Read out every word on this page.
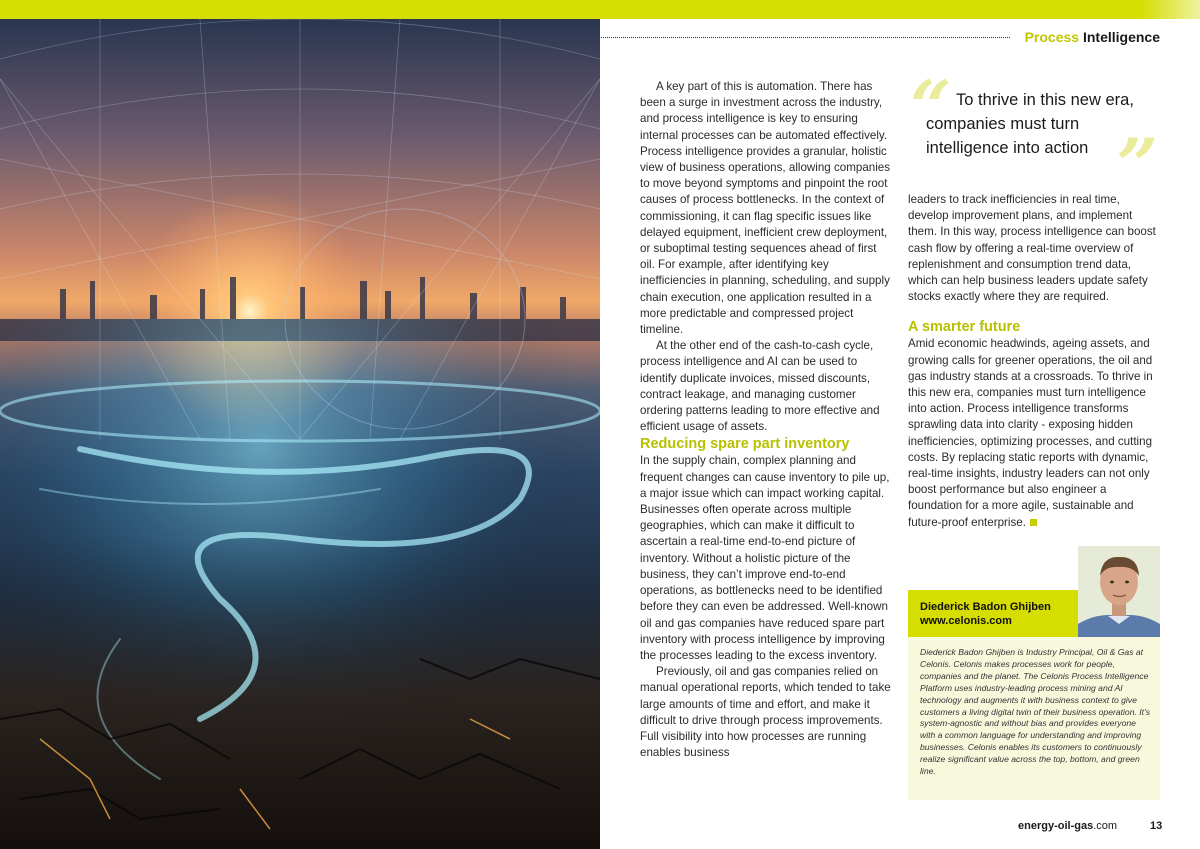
Process Intelligence

A key part of this is automation. There has been a surge in investment across the industry, and process intelligence is key to ensuring internal processes can be automated effectively. Process intelligence provides a granular, holistic view of business operations, allowing companies to move beyond symptoms and pinpoint the root causes of process bottlenecks. In the context of commissioning, it can flag specific issues like delayed equipment, inefficient crew deployment, or suboptimal testing sequences ahead of first oil. For example, after identifying key inefficiencies in planning, scheduling, and supply chain execution, one application resulted in a more predictable and compressed project timeline.

At the other end of the cash-to-cash cycle, process intelligence and AI can be used to identify duplicate invoices, missed discounts, contract leakage, and managing customer ordering patterns leading to more effective and efficient usage of assets.

Reducing spare part inventory

In the supply chain, complex planning and frequent changes can cause inventory to pile up, a major issue which can impact working capital. Businesses often operate across multiple geographies, which can make it difficult to ascertain a real-time end-to-end picture of inventory. Without a holistic picture of the business, they can’t improve end-to-end operations, as bottlenecks need to be identified before they can even be addressed. Well-known oil and gas companies have reduced spare part inventory with process intelligence by improving the processes leading to the excess inventory.

Previously, oil and gas companies relied on manual operational reports, which tended to take large amounts of time and effort, and make it difficult to drive through process improvements. Full visibility into how processes are running enables business

“
”
To thrive in this new era, companies must turn intelligence into action

leaders to track inefficiencies in real time, develop improvement plans, and implement them. In this way, process intelligence can boost cash flow by offering a real-time overview of replenishment and consumption trend data, which can help business leaders update safety stocks exactly where they are required.

A smarter future

Amid economic headwinds, ageing assets, and growing calls for greener operations, the oil and gas industry stands at a crossroads. To thrive in this new era, companies must turn intelligence into action. Process intelligence transforms sprawling data into clarity - exposing hidden inefficiencies, optimizing processes, and cutting costs. By replacing static reports with dynamic, real-time insights, industry leaders can not only boost performance but also engineer a foundation for a more agile, sustainable and future-proof enterprise.

Diederick Badon Ghijben
www.celonis.com
Diederick Badon Ghijben is Industry Principal, Oil & Gas at Celonis. Celonis makes processes work for people, companies and the planet. The Celonis Process Intelligence Platform uses industry-leading process mining and AI technology and augments it with business context to give customers a living digital twin of their business operation. It’s system-agnostic and without bias and provides everyone with a common language for understanding and improving businesses. Celonis enables its customers to continuously realize significant value across the top, bottom, and green line.
energy-oil-gas.com	13
